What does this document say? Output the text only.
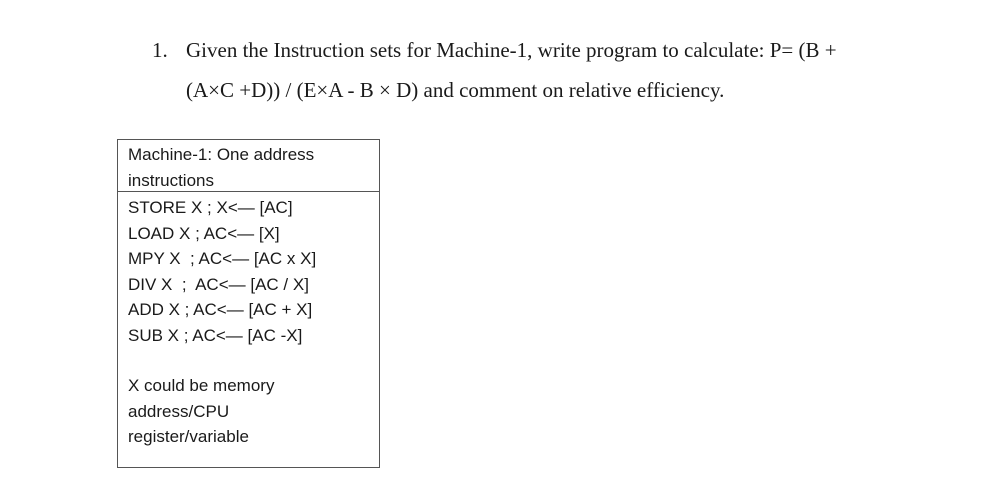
1. Given the Instruction sets for Machine-1, write program to calculate: P= (B +
(A×C +D)) / (E×A - B × D) and comment on relative efficiency.
Machine-1: One address
instructions
STORE X ; X<— [AC]
LOAD X ; AC<— [X]
MPY X  ; AC<— [AC x X]
DIV X  ;  AC<— [AC / X]
ADD X ; AC<— [AC + X]
SUB X ; AC<— [AC -X]
X could be memory
address/CPU
register/variable
